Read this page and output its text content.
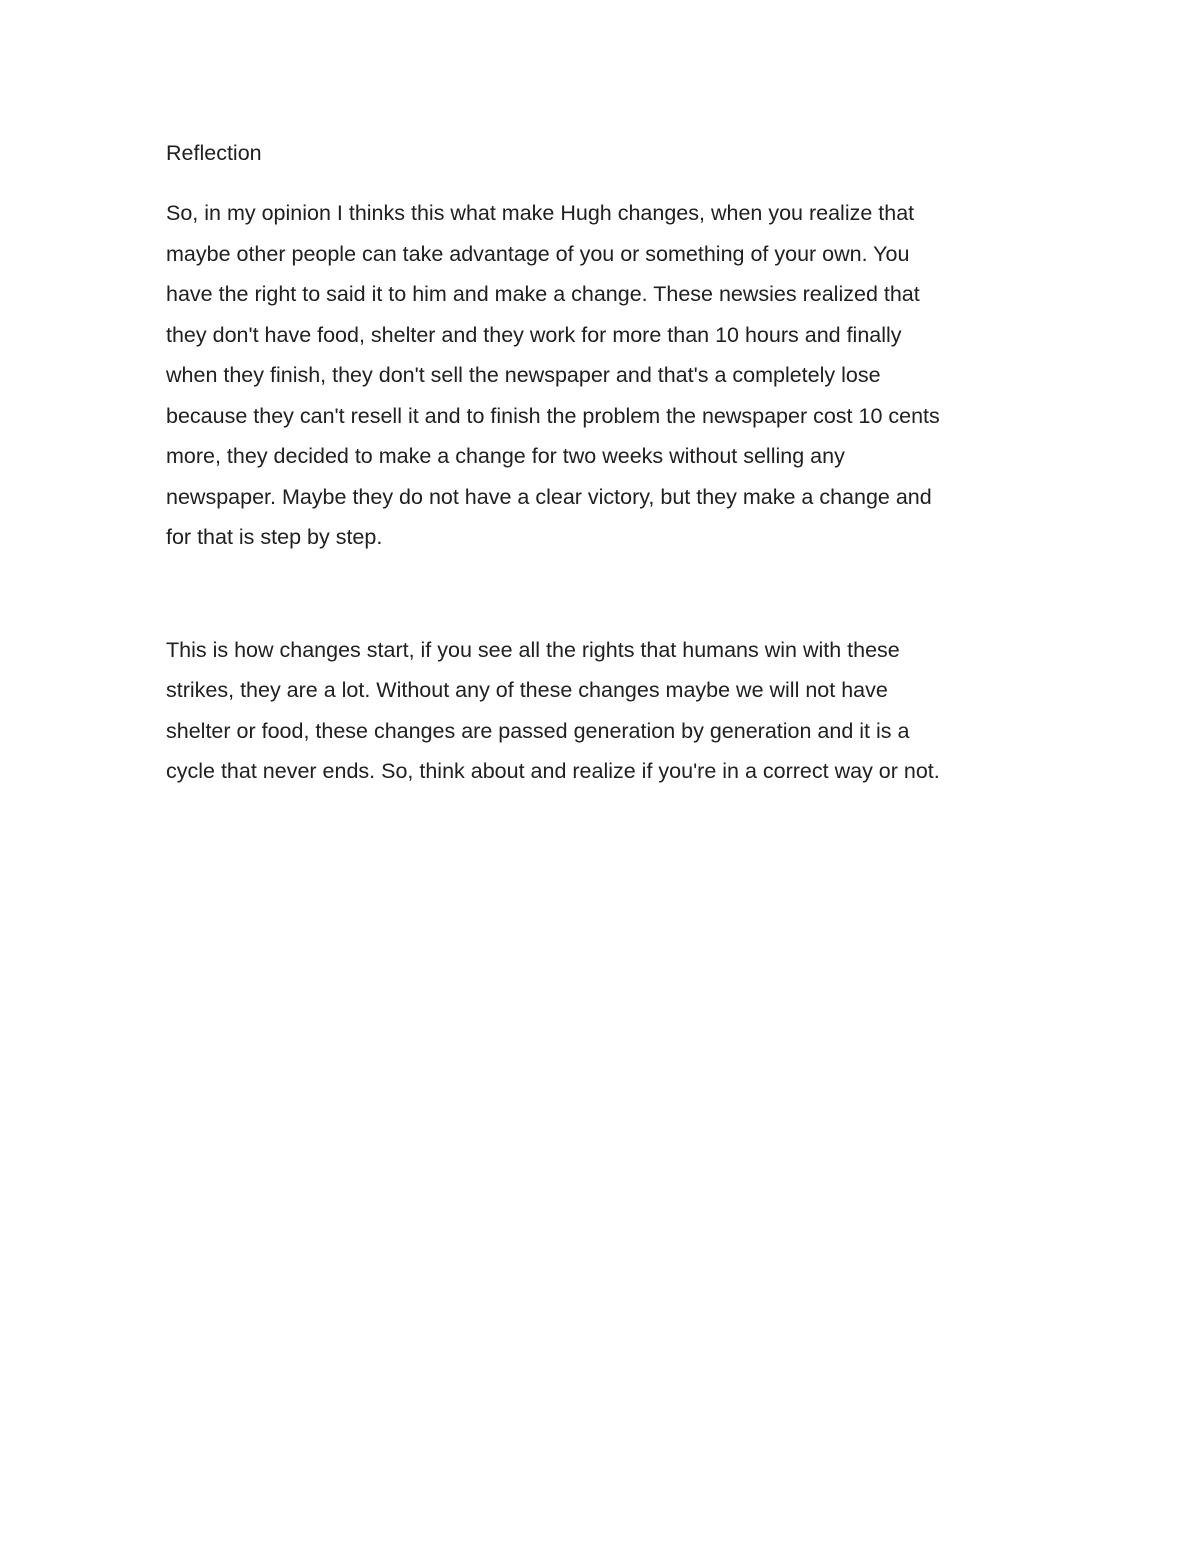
Reflection

So, in my opinion I thinks this what make Hugh changes, when you realize that
maybe other people can take advantage of you or something of your own. You
have the right to said it to him and make a change. These newsies realized that
they don't have food, shelter and they work for more than 10 hours and finally
when they finish, they don't sell the newspaper and that's a completely lose
because they can't resell it and to finish the problem the newspaper cost 10 cents
more, they decided to make a change for two weeks without selling any
newspaper. Maybe they do not have a clear victory, but they make a change and
for that is step by step.

This is how changes start, if you see all the rights that humans win with these
strikes, they are a lot. Without any of these changes maybe we will not have
shelter or food, these changes are passed generation by generation and it is a
cycle that never ends. So, think about and realize if you're in a correct way or not.
